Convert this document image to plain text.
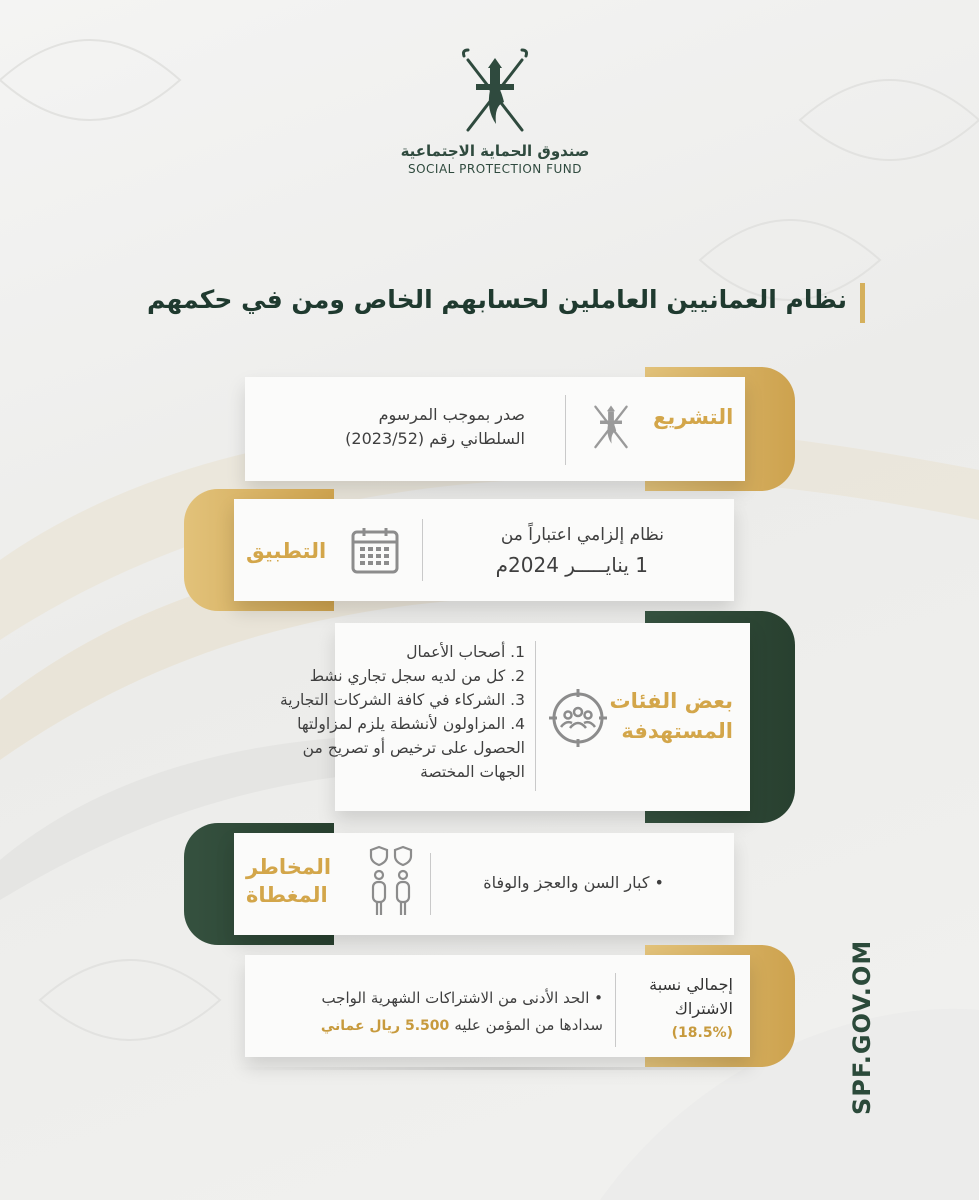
صندوق الحماية الاجتماعية
SOCIAL PROTECTION FUND
نظام العمانيين العاملين لحسابهم الخاص ومن في حكمهم
التشريع
صدر بموجب المرسوم
السلطاني رقم (2023/52)
التطبيق
نظام إلزامي اعتباراً من
1 ينايـــــر 2024م
بعض الفئات
المستهدفة
1. أصحاب الأعمال
2. كل من لديه سجل تجاري نشط
3. الشركاء في كافة الشركات التجارية
4. المزاولون لأنشطة يلزم لمزاولتها
الحصول على ترخيص أو تصريح من
الجهات المختصة
المخاطر
المغطاة
• كبار السن والعجز والوفاة
إجمالي نسبة
الاشتراك
(18.5%)
• الحد الأدنى من الاشتراكات الشهرية الواجب
سدادها من المؤمن عليه 5.500 ريال عماني	SPF.GOV.OM
